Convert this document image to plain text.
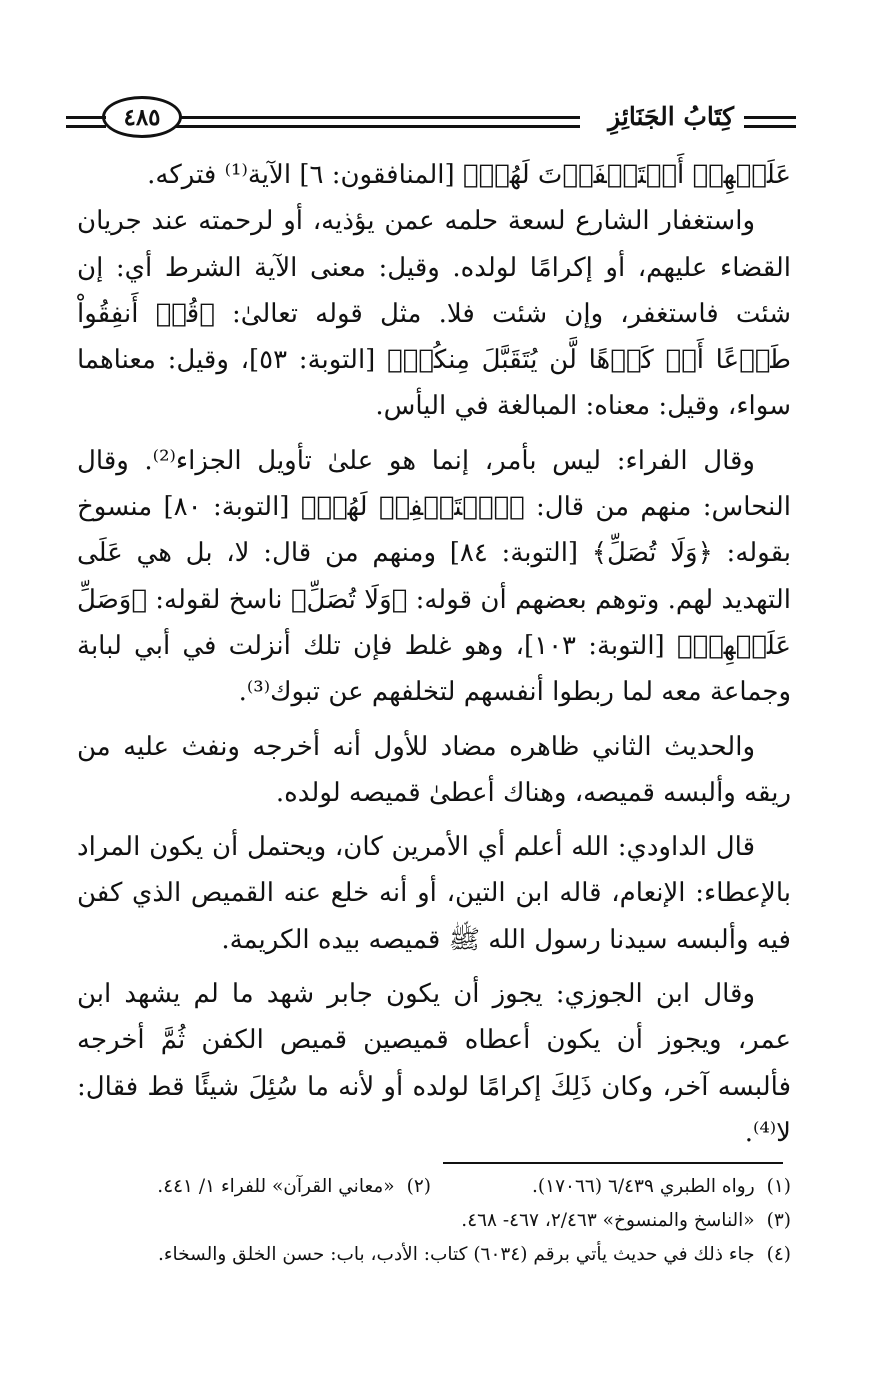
كِتَابُ الجَنَائِزِ
٤٨٥

عَلَيۡهِمۡ أَسۡتَغۡفَرۡتَ لَهُمۡ﴾ [المنافقون: ٦] الآية⁽¹⁾ فتركه.

واستغفار الشارع لسعة حلمه عمن يؤذيه، أو لرحمته عند جريان القضاء عليهم، أو إكرامًا لولده. وقيل: معنى الآية الشرط أي: إن شئت فاستغفر، وإن شئت فلا. مثل قوله تعالىٰ: ﴿قُلۡ أَنفِقُواْ طَوۡعًا أَوۡ كَرۡهًا لَّن يُتَقَبَّلَ مِنكُمۡ﴾ [التوبة: ٥٣]، وقيل: معناهما سواء، وقيل: معناه: المبالغة في اليأس.

وقال الفراء: ليس بأمر، إنما هو علىٰ تأويل الجزاء⁽²⁾. وقال النحاس: منهم من قال: ﴿ٱسۡتَغۡفِرۡ لَهُمۡ﴾ [التوبة: ٨٠] منسوخ بقوله: ﴿وَلَا تُصَلِّ﴾ [التوبة: ٨٤] ومنهم من قال: لا، بل هي عَلَى التهديد لهم. وتوهم بعضهم أن قوله: ﴿وَلَا تُصَلِّ﴾ ناسخ لقوله: ﴿وَصَلِّ عَلَيۡهِمۡ﴾ [التوبة: ١٠٣]، وهو غلط فإن تلك أنزلت في أبي لبابة وجماعة معه لما ربطوا أنفسهم لتخلفهم عن تبوك⁽³⁾.

والحديث الثاني ظاهره مضاد للأول أنه أخرجه ونفث عليه من ريقه وألبسه قميصه، وهناك أعطىٰ قميصه لولده.

قال الداودي: الله أعلم أي الأمرين كان، ويحتمل أن يكون المراد بالإعطاء: الإنعام، قاله ابن التين، أو أنه خلع عنه القميص الذي كفن فيه وألبسه سيدنا رسول الله ﷺ قميصه بيده الكريمة.

وقال ابن الجوزي: يجوز أن يكون جابر شهد ما لم يشهد ابن عمر، ويجوز أن يكون أعطاه قميصين قميص الكفن ثُمَّ أخرجه فألبسه آخر، وكان ذَلِكَ إكرامًا لولده أو لأنه ما سُئِلَ شيئًا قط فقال: لا⁽⁴⁾.

(١)
رواه الطبري ٦/٤٣٩ (١٧٠٦٦).
(٢)
«معاني القرآن» للفراء ١/ ٤٤١.
(٣)
«الناسخ والمنسوخ» ٢/٤٦٣، ٤٦٧- ٤٦٨.
(٤)
جاء ذلك في حديث يأتي برقم (٦٠٣٤) كتاب: الأدب، باب: حسن الخلق والسخاء.
